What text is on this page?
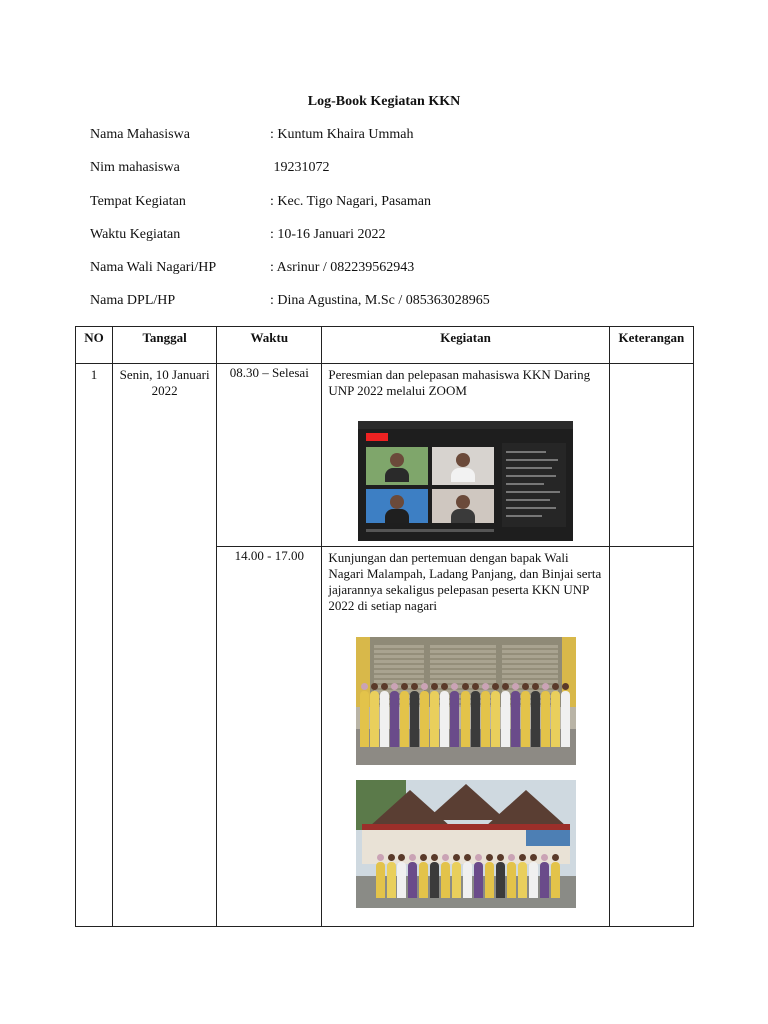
Log-Book Kegiatan KKN
Nama Mahasiswa	: Kuntum Khaira Ummah
Nim mahasiswa	19231072
Tempat Kegiatan	: Kec. Tigo Nagari, Pasaman
Waktu Kegiatan	: 10-16 Januari 2022
Nama Wali Nagari/HP	: Asrinur / 082239562943
Nama DPL/HP	: Dina Agustina, M.Sc / 085363028965
NO	Tanggal	Waktu	Kegiatan	Keterangan
1	Senin, 10 Januari 2022	08.30 – Selesai	Peresmian dan pelepasan mahasiswa KKN Daring UNP 2022 melalui ZOOM	

		14.00 - 17.00	Kunjungan dan pertemuan dengan bapak Wali Nagari Malampah, Ladang Panjang, dan Binjai serta jajarannya sekaligus pelepasan peserta KKN UNP 2022 di setiap nagari	
